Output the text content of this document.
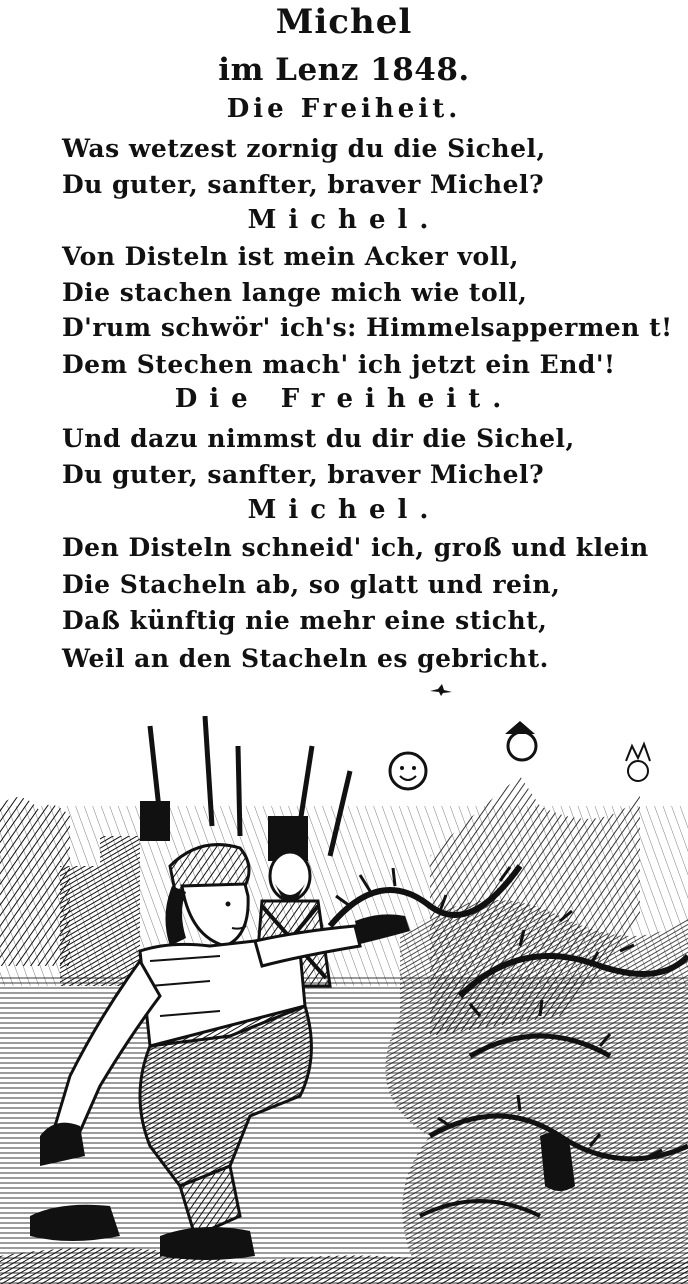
Michel
im Lenz 1848.
Die Freiheit.
Was wetzest zornig du die Sichel,
Du guter, sanfter, braver Michel?
Michel.
Von Disteln ist mein Acker voll,
Die stachen lange mich wie toll,
D'rum schwör' ich's: Himmelsappermen t!
Dem Stechen mach' ich jetzt ein End'!
Die Freiheit.
Und dazu nimmst du dir die Sichel,
Du guter, sanfter, braver Michel?
Michel.
Den Disteln schneid' ich, groß und klein
Die Stacheln ab, so glatt und rein,
Daß künftig nie mehr eine sticht,
Weil an den Stacheln es gebricht.
